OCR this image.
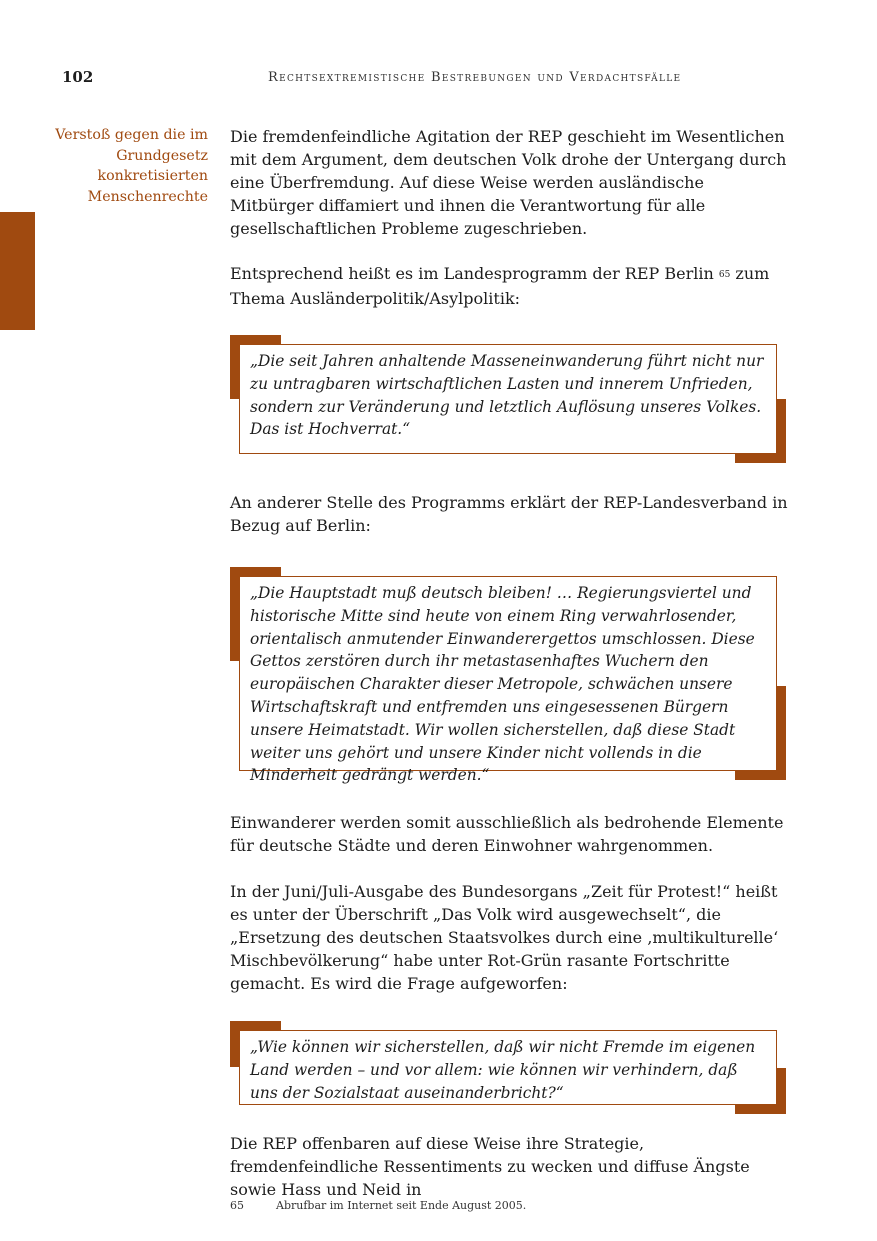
102	Rechtsextremistische Bestrebungen und Verdachtsfälle
Verstoß gegen die im Grundgesetz konkretisierten Menschenrechte

Die fremdenfeindliche Agitation der REP geschieht im Wesentlichen mit dem Argument, dem deutschen Volk drohe der Untergang durch eine Überfremdung. Auf diese Weise werden ausländische Mitbürger diffamiert und ihnen die Verantwortung für alle gesellschaftlichen Probleme zugeschrieben.

Entsprechend heißt es im Landesprogramm der REP Berlin 65 zum Thema Ausländerpolitik/Asylpolitik:

„Die seit Jahren anhaltende Masseneinwanderung führt nicht nur zu untragbaren wirtschaftlichen Lasten und innerem Unfrieden, sondern zur Veränderung und letztlich Auflösung unseres Volkes. Das ist Hochverrat.“

An anderer Stelle des Programms erklärt der REP-Landesverband in Bezug auf Berlin:

„Die Hauptstadt muß deutsch bleiben! … Regierungsviertel und historische Mitte sind heute von einem Ring verwahrlosender, orientalisch anmutender Einwanderergettos umschlossen. Diese Gettos zerstören durch ihr metastasenhaftes Wuchern den europäischen Charakter dieser Metropole, schwächen unsere Wirtschaftskraft und entfremden uns eingesessenen Bürgern unsere Heimatstadt. Wir wollen sicherstellen, daß diese Stadt weiter uns gehört und unsere Kinder nicht vollends in die Minderheit gedrängt werden.“

Einwanderer werden somit ausschließlich als bedrohende Elemente für deutsche Städte und deren Einwohner wahrgenommen.

In der Juni/Juli-Ausgabe des Bundesorgans „Zeit für Protest!“ heißt es unter der Überschrift „Das Volk wird ausgewechselt“, die „Ersetzung des deutschen Staatsvolkes durch eine ‚multikulturelle‘ Mischbevölkerung“ habe unter Rot-Grün rasante Fortschritte gemacht. Es wird die Frage aufgeworfen:

„Wie können wir sicherstellen, daß wir nicht Fremde im eigenen Land werden – und vor allem: wie können wir verhindern, daß uns der Sozialstaat auseinanderbricht?“

Die REP offenbaren auf diese Weise ihre Strategie, fremdenfeindliche Ressentiments zu wecken und diffuse Ängste sowie Hass und Neid in

65	Abrufbar im Internet seit Ende August 2005.
